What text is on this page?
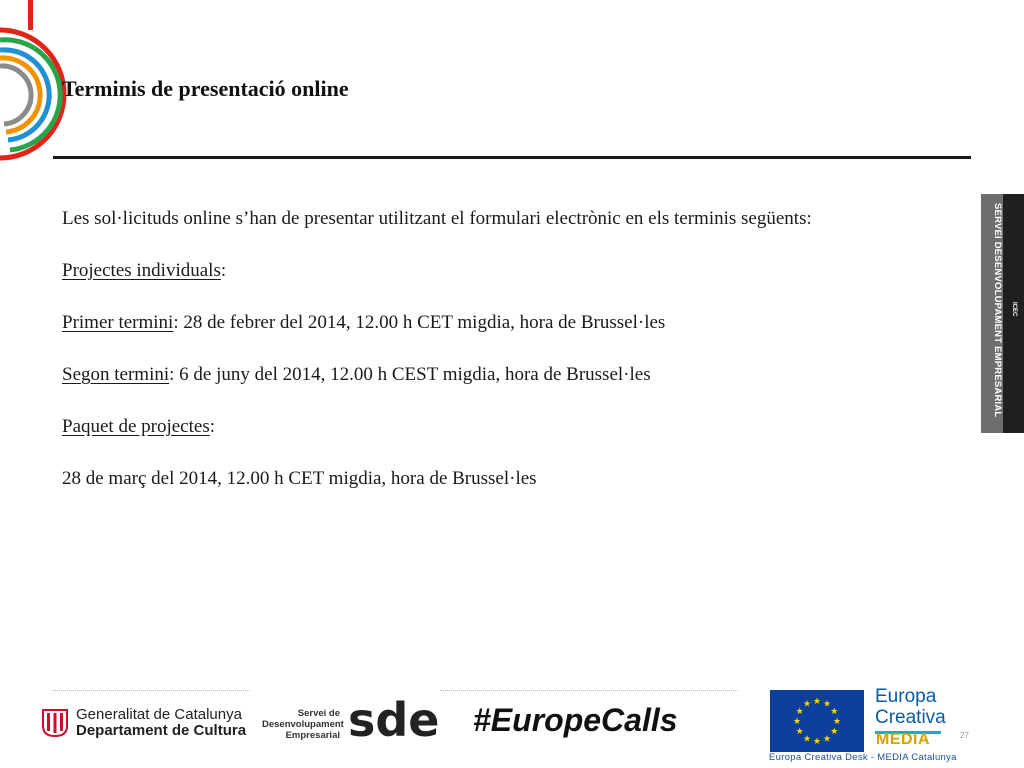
Terminis de presentació online

Les sol·licituds online s’han de presentar utilitzant el formulari electrònic en els terminis següents:

Projectes individuals:

Primer termini: 28 de febrer del 2014, 12.00 h CET migdia, hora de Brussel·les

Segon termini: 6 de juny del 2014, 12.00 h CEST migdia, hora de Brussel·les

Paquet de projectes:

28 de març del 2014, 12.00 h CET migdia, hora de Brussel·les

SERVEI DESENVOLUPAMENT EMPRESARIAL ICEC
Generalitat de Catalunya
Departament de Cultura
Servei de
Desenvolupament
Empresarial sde #EuropeCalls	★ ★
★
★
★
★
★
★
★
★
★
★	Europa
Creativa
MEDIA	27
Europa Creativa Desk - MEDIA Catalunya
